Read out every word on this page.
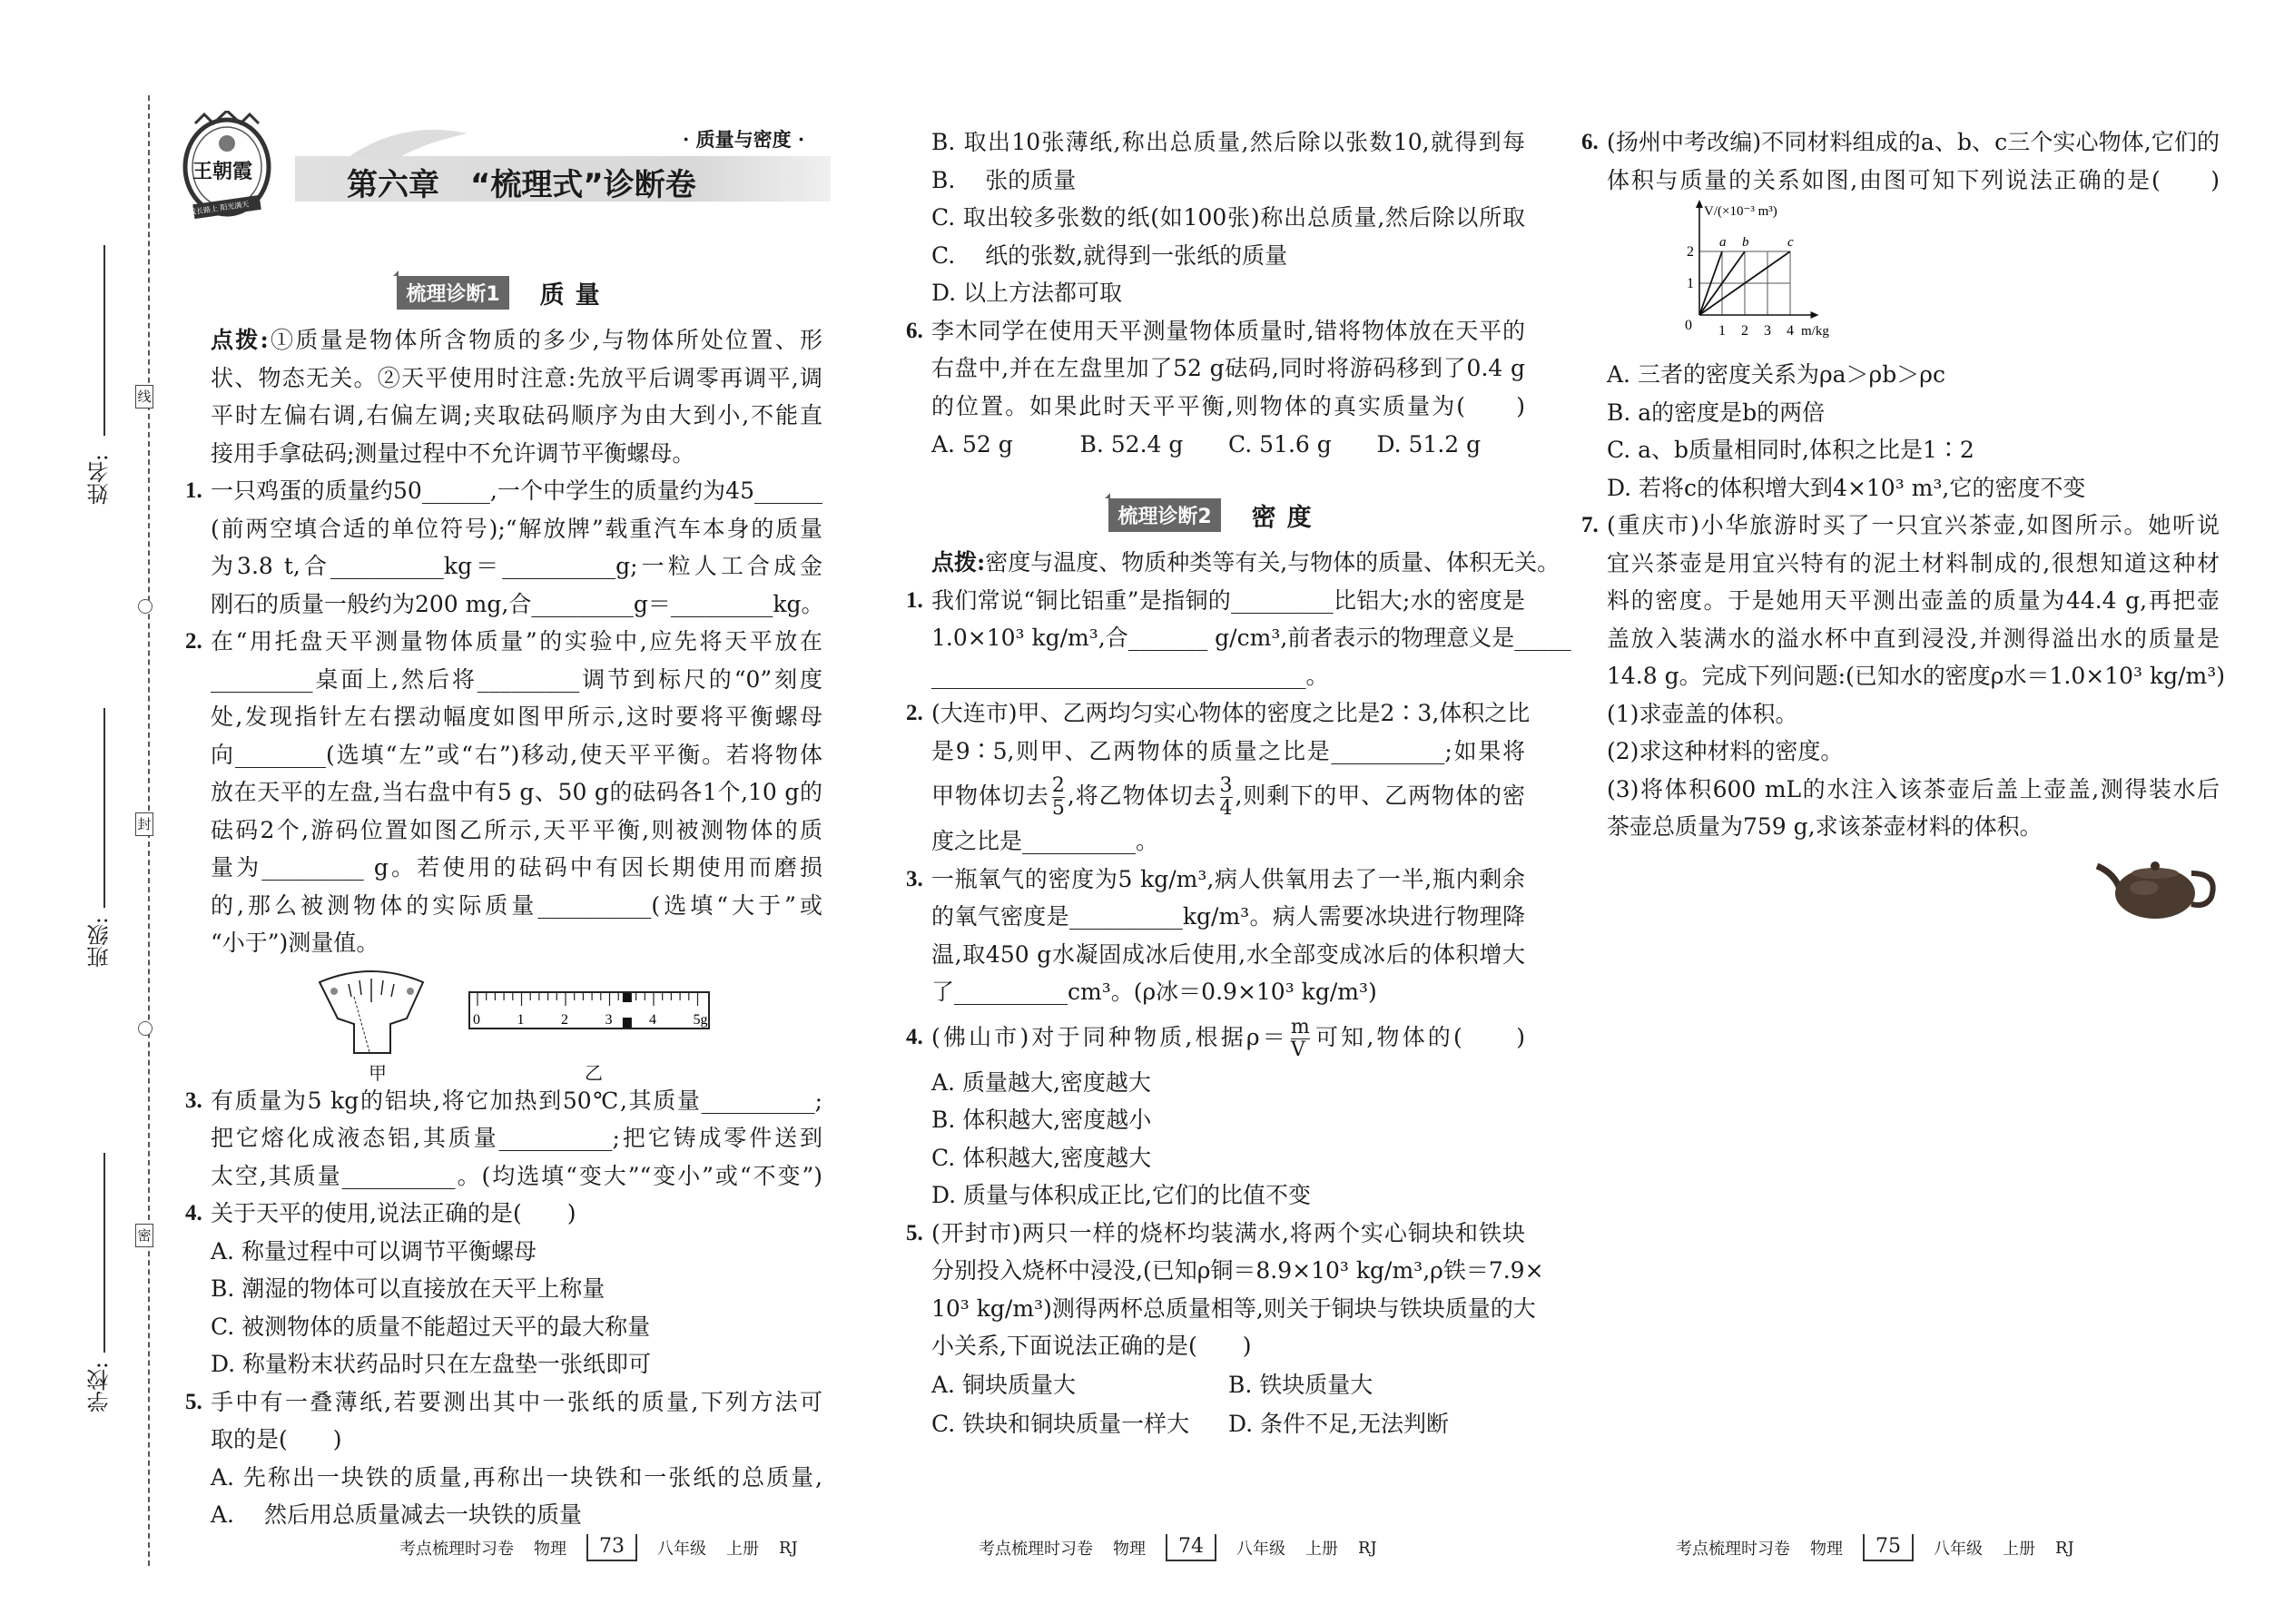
姓名:
班级:
学校:
线
封
密
王朝霞
成长路上 阳光满天
第六章　“梳理式”诊断卷
· 质量与密度 ·
梳理诊断1	质量
点拨:①质量是物体所含物质的多少,与物体所处位置、形
状、物态无关。②天平使用时注意:先放平后调零再调平,调
平时左偏右调,右偏左调;夹取砝码顺序为由大到小,不能直
接用手拿砝码;测量过程中不允许调节平衡螺母。
1. 一只鸡蛋的质量约50______,一个中学生的质量约为45______
(前两空填合适的单位符号);“解放牌”载重汽车本身的质量
为3.8 t,合__________kg＝__________g;一粒人工合成金
刚石的质量一般约为200 mg,合_________g＝_________kg。
2. 在“用托盘天平测量物体质量”的实验中,应先将天平放在
_________桌面上,然后将_________调节到标尺的“0”刻度
处,发现指针左右摆动幅度如图甲所示,这时要将平衡螺母
向________(选填“左”或“右”)移动,使天平平衡。若将物体
放在天平的左盘,当右盘中有5 g、50 g的砝码各1个,10 g的
砝码2个,游码位置如图乙所示,天平平衡,则被测物体的质
量为_________ g。若使用的砝码中有因长期使用而磨损
的,那么被测物体的实际质量__________(选填“大于”或
“小于”)测量值。
甲
0	1	2	3	4	5g
乙
3. 有质量为5 kg的铝块,将它加热到50℃,其质量__________;
把它熔化成液态铝,其质量__________;把它铸成零件送到
太空,其质量__________。(均选填“变大”“变小”或“不变”)
4. 关于天平的使用,说法正确的是(　　)
A. 称量过程中可以调节平衡螺母
B. 潮湿的物体可以直接放在天平上称量
C. 被测物体的质量不能超过天平的最大称量
D. 称量粉末状药品时只在左盘垫一张纸即可
5. 手中有一叠薄纸,若要测出其中一张纸的质量,下列方法可
取的是(　　)
A. 先称出一块铁的质量,再称出一块铁和一张纸的总质量,
A. 　然后用总质量减去一块铁的质量
B. 取出10张薄纸,称出总质量,然后除以张数10,就得到每
B. 　张的质量
C. 取出较多张数的纸(如100张)称出总质量,然后除以所取
C. 　纸的张数,就得到一张纸的质量
D. 以上方法都可取
6. 李木同学在使用天平测量物体质量时,错将物体放在天平的
右盘中,并在左盘里加了52 g砝码,同时将游码移到了0.4 g
的位置。如果此时天平平衡,则物体的真实质量为(　　)
A. 52 g	B. 52.4 g	C. 51.6 g	D. 51.2 g
梳理诊断2	密度
点拨:密度与温度、物质种类等有关,与物体的质量、体积无关。
1. 我们常说“铜比铝重”是指铜的_________比铝大;水的密度是
1.0×10³ kg/m³,合_______ g/cm³,前者表示的物理意义是_____
_________________________________。
2. (大连市)甲、乙两均匀实心物体的密度之比是2∶3,体积之比
是9∶5,则甲、乙两物体的质量之比是__________;如果将
甲物体切去 $\frac{2}{5}$ ,将乙物体切去 $\frac{3}{4}$ ,则剩下的甲、乙两物体的密
度之比是__________。
3. 一瓶氧气的密度为5 kg/m³,病人供氧用去了一半,瓶内剩余
的氧气密度是__________kg/m³。病人需要冰块进行物理降
温,取450 g水凝固成冰后使用,水全部变成冰后的体积增大
了__________cm³。(ρ冰＝0.9×10³ kg/m³)
4. (佛山市)对于同种物质,根据$\rho= \frac{m}{V}$ 可知,物体的(　　)
A. 质量越大,密度越大
B. 体积越大,密度越小
C. 体积越大,密度越大
D. 质量与体积成正比,它们的比值不变
5. (开封市)两只一样的烧杯均装满水,将两个实心铜块和铁块
分别投入烧杯中浸没,(已知ρ铜＝8.9×10³ kg/m³,ρ铁＝7.9×
10³ kg/m³)测得两杯总质量相等,则关于铜块与铁块质量的大
小关系,下面说法正确的是(　　)
A. 铜块质量大	B. 铁块质量大
C. 铁块和铜块质量一样大	D. 条件不足,无法判断
6. (扬州中考改编)不同材料组成的a、b、c三个实心物体,它们的
体积与质量的关系如图,由图可知下列说法正确的是(　　)
a b	c
1 2 3 4
1
2
0	m/kg
V/(×10⁻³ m³)
A. 三者的密度关系为ρa＞ρb＞ρc
B. a的密度是b的两倍
C. a、b质量相同时,体积之比是1∶2
D. 若将c的体积增大到4×10³ m³,它的密度不变
7. (重庆市)小华旅游时买了一只宜兴茶壶,如图所示。她听说
宜兴茶壶是用宜兴特有的泥土材料制成的,很想知道这种材
料的密度。于是她用天平测出壶盖的质量为44.4 g,再把壶
盖放入装满水的溢水杯中直到浸没,并测得溢出水的质量是
14.8 g。完成下列问题:(已知水的密度ρ水＝1.0×10³ kg/m³)
(1)求壶盖的体积。
(2)求这种材料的密度。
(3)将体积600 mL的水注入该茶壶后盖上壶盖,测得装水后
茶壶总质量为759 g,求该茶壶材料的体积。
考点梳理时习卷 物理	73	八年级 上册 RJ	考点梳理时习卷 物理	74	八年级 上册 RJ	考点梳理时习卷 物理	75	八年级 上册 RJ
